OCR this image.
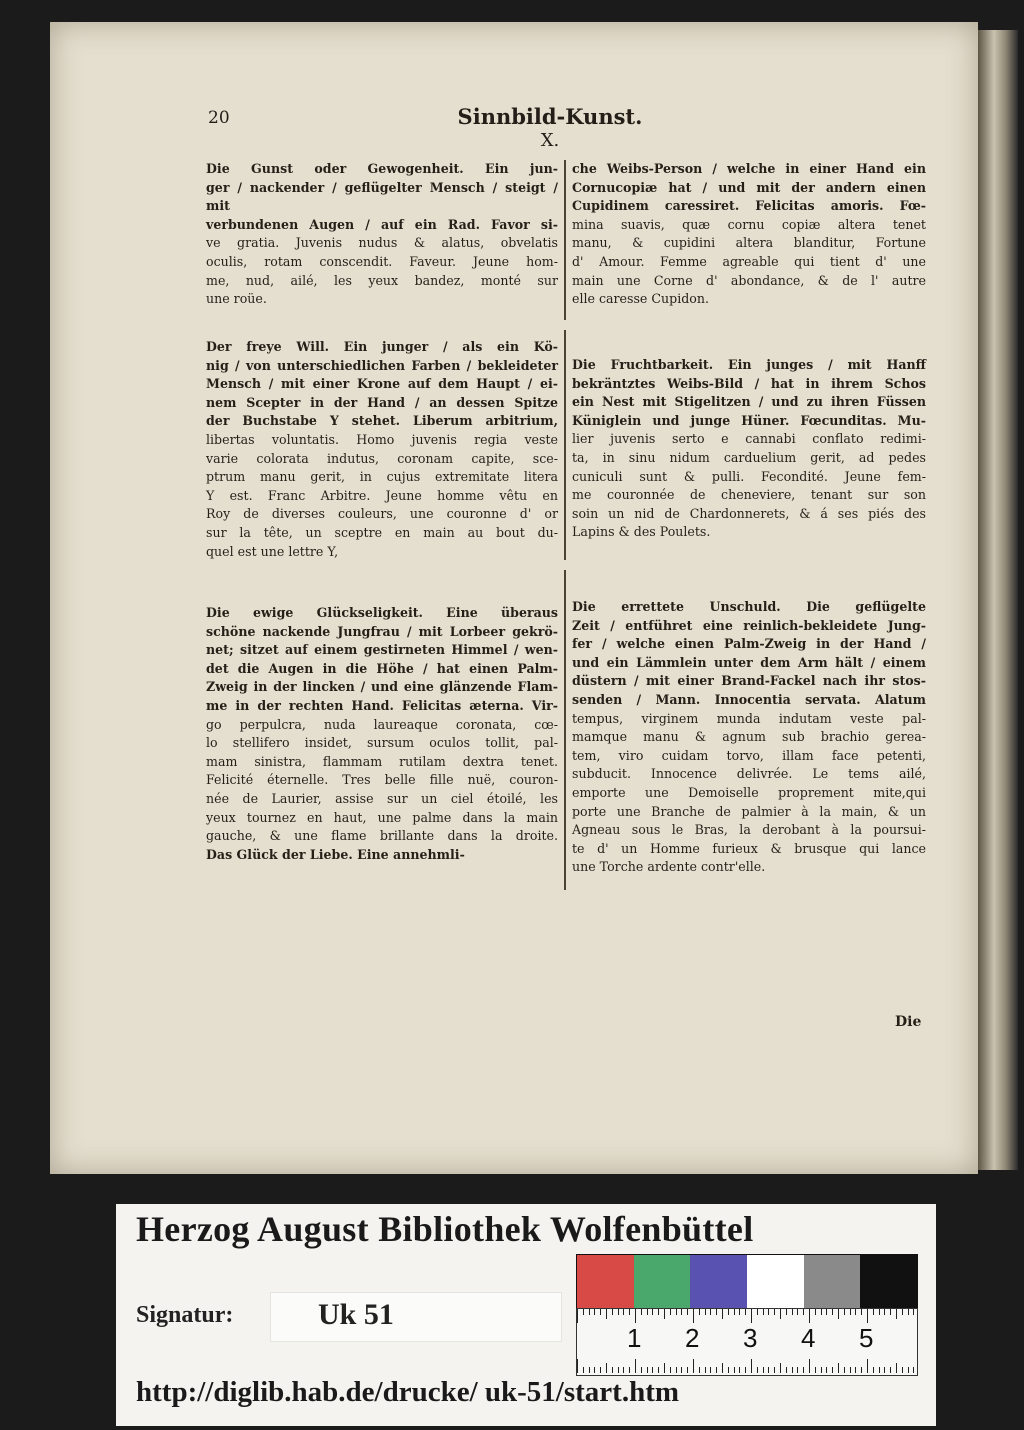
20	Sinnbild-Kunst.
X.

Die Gunst oder Gewogenheit. Ein jun-

ger / nackender / geflügelter Mensch / steigt / mit

verbundenen Augen / auf ein Rad. Favor si-

ve gratia. Juvenis nudus & alatus, obvelatis

oculis, rotam conscendit. Faveur. Jeune hom-

me, nud, ailé, les yeux bandez, monté sur

une roüe.

Der freye Will. Ein junger / als ein Kö-

nig / von unterschiedlichen Farben / bekleideter

Mensch / mit einer Krone auf dem Haupt / ei-

nem Scepter in der Hand / an dessen Spitze

der Buchstabe Y stehet. Liberum arbitrium,

libertas voluntatis. Homo juvenis regia veste

varie colorata indutus, coronam capite, sce-

ptrum manu gerit, in cujus extremitate litera

Y est. Franc Arbitre. Jeune homme vêtu en

Roy de diverses couleurs, une couronne d' or

sur la tête, un sceptre en main au bout du-

quel est une lettre Y,

Die ewige Glückseligkeit. Eine überaus

schöne nackende Jungfrau / mit Lorbeer gekrö-

net; sitzet auf einem gestirneten Himmel / wen-

det die Augen in die Höhe / hat einen Palm-

Zweig in der lincken / und eine glänzende Flam-

me in der rechten Hand. Felicitas æterna. Vir-

go perpulcra, nuda laureaque coronata, cœ-

lo stellifero insidet, sursum oculos tollit, pal-

mam sinistra, flammam rutilam dextra tenet.

Felicité éternelle. Tres belle fille nuë, couron-

née de Laurier, assise sur un ciel étoilé, les

yeux tournez en haut, une palme dans la main

gauche, & une flame brillante dans la droite.

Das Glück der Liebe. Eine annehmli-

che Weibs-Person / welche in einer Hand ein

Cornucopiæ hat / und mit der andern einen

Cupidinem caressiret. Felicitas amoris. Fœ-

mina suavis, quæ cornu copiæ altera tenet

manu, & cupidini altera blanditur, Fortune

d' Amour. Femme agreable qui tient d' une

main une Corne d' abondance, & de l' autre

elle caresse Cupidon.

Die Fruchtbarkeit. Ein junges / mit Hanff

bekräntztes Weibs-Bild / hat in ihrem Schos

ein Nest mit Stigelitzen / und zu ihren Füssen

Küniglein und junge Hüner. Fœcunditas. Mu-

lier juvenis serto e cannabi conflato redimi-

ta, in sinu nidum carduelium gerit, ad pedes

cuniculi sunt & pulli. Fecondité. Jeune fem-

me couronnée de cheneviere, tenant sur son

soin un nid de Chardonnerets, & á ses piés des

Lapins & des Poulets.

Die errettete Unschuld. Die geflügelte

Zeit / entführet eine reinlich-bekleidete Jung-

fer / welche einen Palm-Zweig in der Hand /

und ein Lämmlein unter dem Arm hält / einem

düstern / mit einer Brand-Fackel nach ihr stos-

senden / Mann. Innocentia servata. Alatum

tempus, virginem munda indutam veste pal-

mamque manu & agnum sub brachio gerea-

tem, viro cuidam torvo, illam face petenti,

subducit. Innocence delivrée. Le tems ailé,

emporte une Demoiselle proprement mite,qui

porte une Branche de palmier à la main, & un

Agneau sous le Bras, la derobant à la poursui-

te d' un Homme furieux & brusque qui lance

une Torche ardente contr'elle.

Die
Herzog August Bibliothek Wolfenbüttel
Signatur:	Uk 51
http://diglib.hab.de/drucke/ uk-51/start.htm
1 2 3 4 5
